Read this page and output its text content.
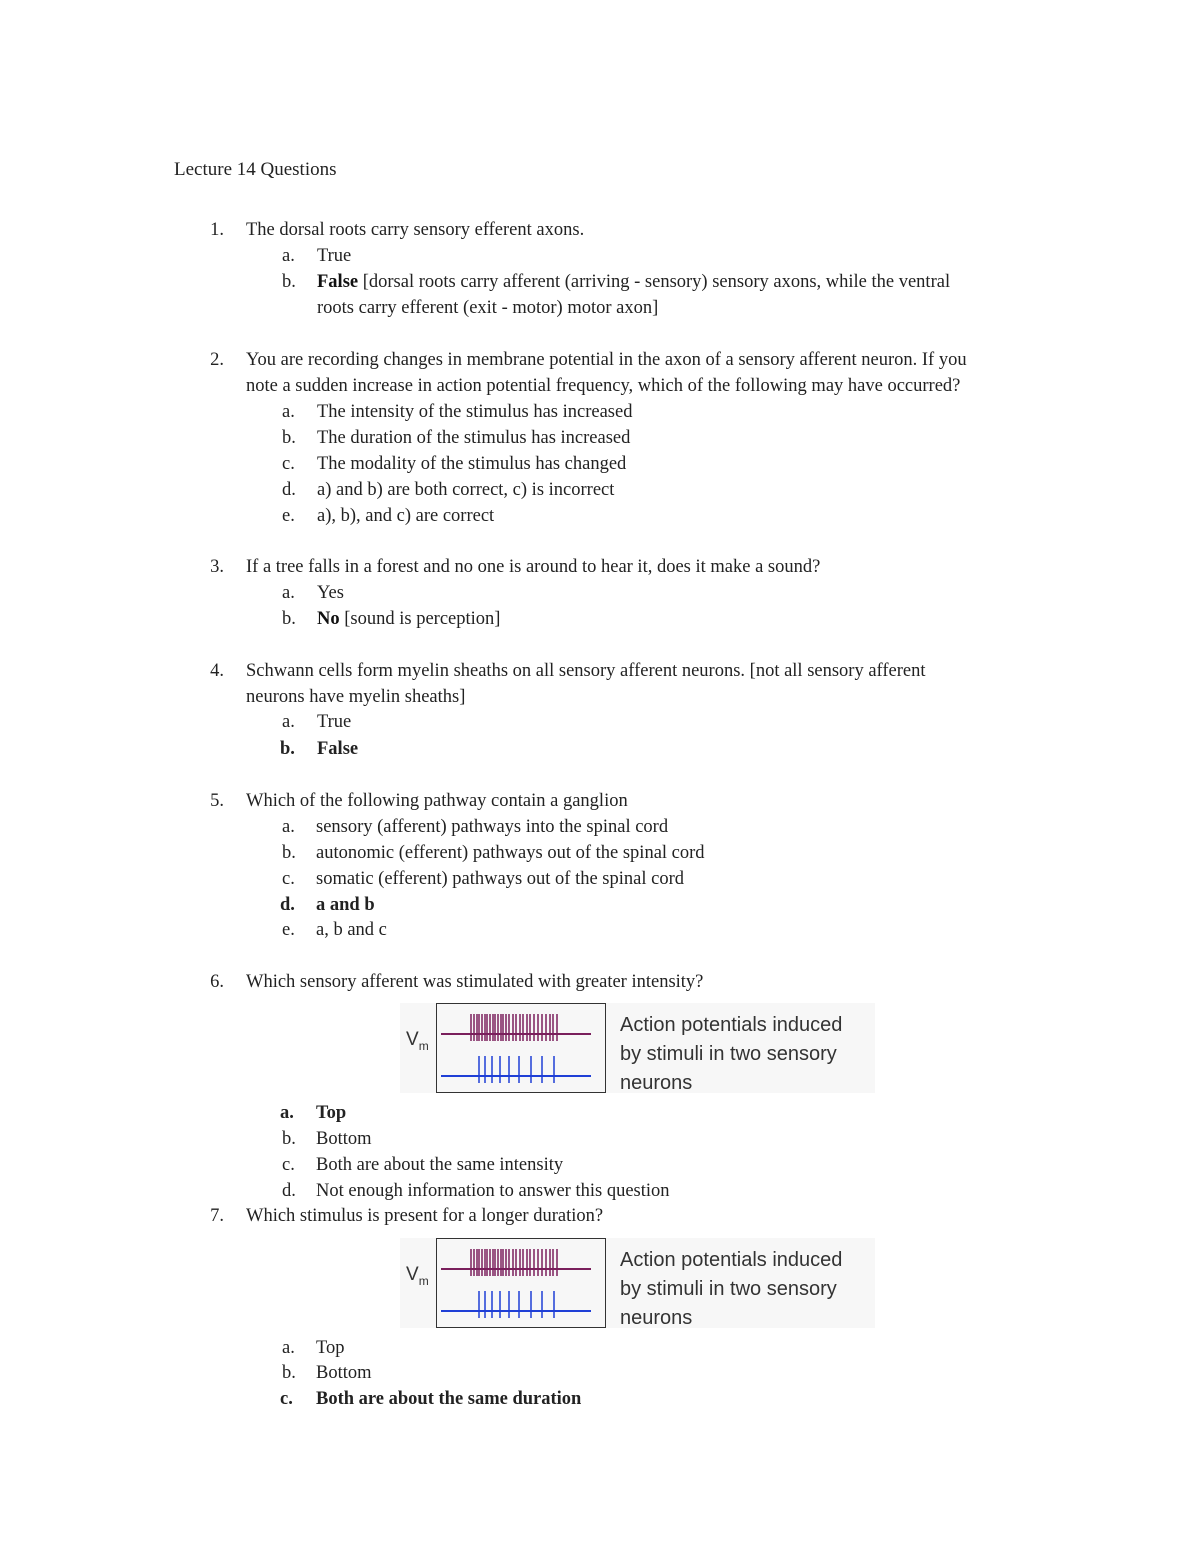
Lecture 14 Questions
1. The dorsal roots carry sensory efferent axons.
a.	True
b.	False [dorsal roots carry afferent (arriving - sensory) sensory axons, while the ventral
roots carry efferent (exit - motor) motor axon]
2. You are recording changes in membrane potential in the axon of a sensory afferent neuron. If you
note a sudden increase in action potential frequency, which of the following may have occurred?
a.	The intensity of the stimulus has increased
b.	The duration of the stimulus has increased
c.	The modality of the stimulus has changed
d.	a) and b) are both correct, c) is incorrect
e.	a), b), and c) are correct
3. If a tree falls in a forest and no one is around to hear it, does it make a sound?
a.	Yes
b.	No [sound is perception]
4. Schwann cells form myelin sheaths on all sensory afferent neurons. [not all sensory afferent
neurons have myelin sheaths]
a.	True
b.	False
5. Which of the following pathway contain a ganglion
a.	sensory (afferent) pathways into the spinal cord
b.	autonomic (efferent) pathways out of the spinal cord
c.	somatic (efferent) pathways out of the spinal cord
d.	a and b
e.	a, b and c
6. Which sensory afferent was stimulated with greater intensity?
$V_m$
Action potentials induced
by stimuli in two sensory
neurons
a.	Top
b.	Bottom
c.	Both are about the same intensity
d.	Not enough information to answer this question
7. Which stimulus is present for a longer duration?
$V_m$
Action potentials induced
by stimuli in two sensory
neurons
a.	Top
b.	Bottom
c.	Both are about the same duration
